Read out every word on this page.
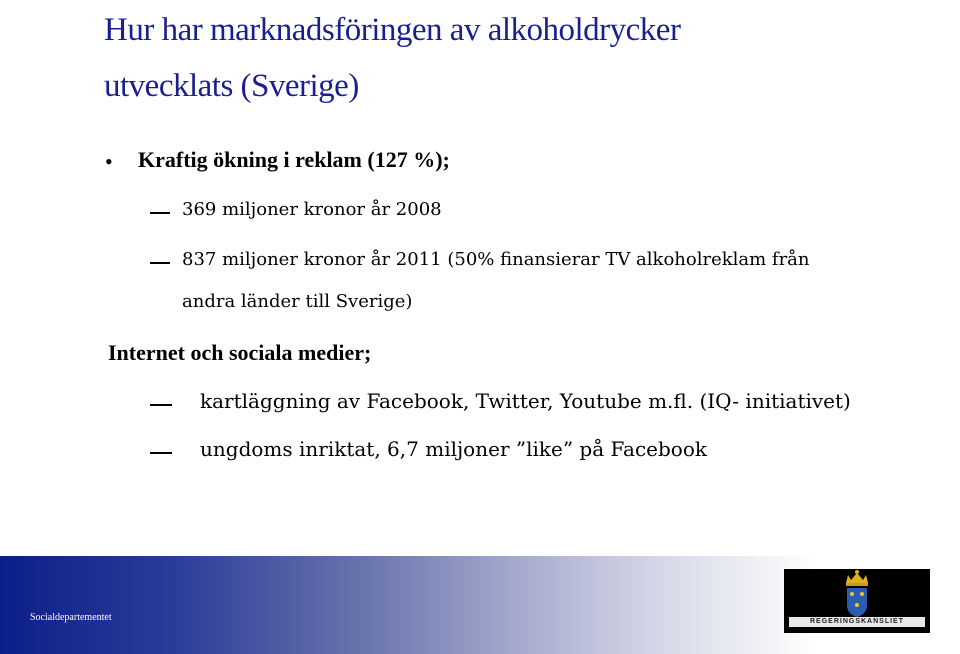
Hur har marknadsföringen av alkoholdrycker
utvecklats (Sverige)
• Kraftig ökning i reklam (127 %);
369 miljoner kronor år 2008
837 miljoner kronor år 2011 (50% finansierar TV alkoholreklam från
andra länder till Sverige)
Internet och sociala medier;
kartläggning av Facebook, Twitter, Youtube m.fl. (IQ- initiativet)
ungdoms inriktat, 6,7 miljoner ”like” på Facebook
Socialdepartementet	REGERINGSKANSLIET
